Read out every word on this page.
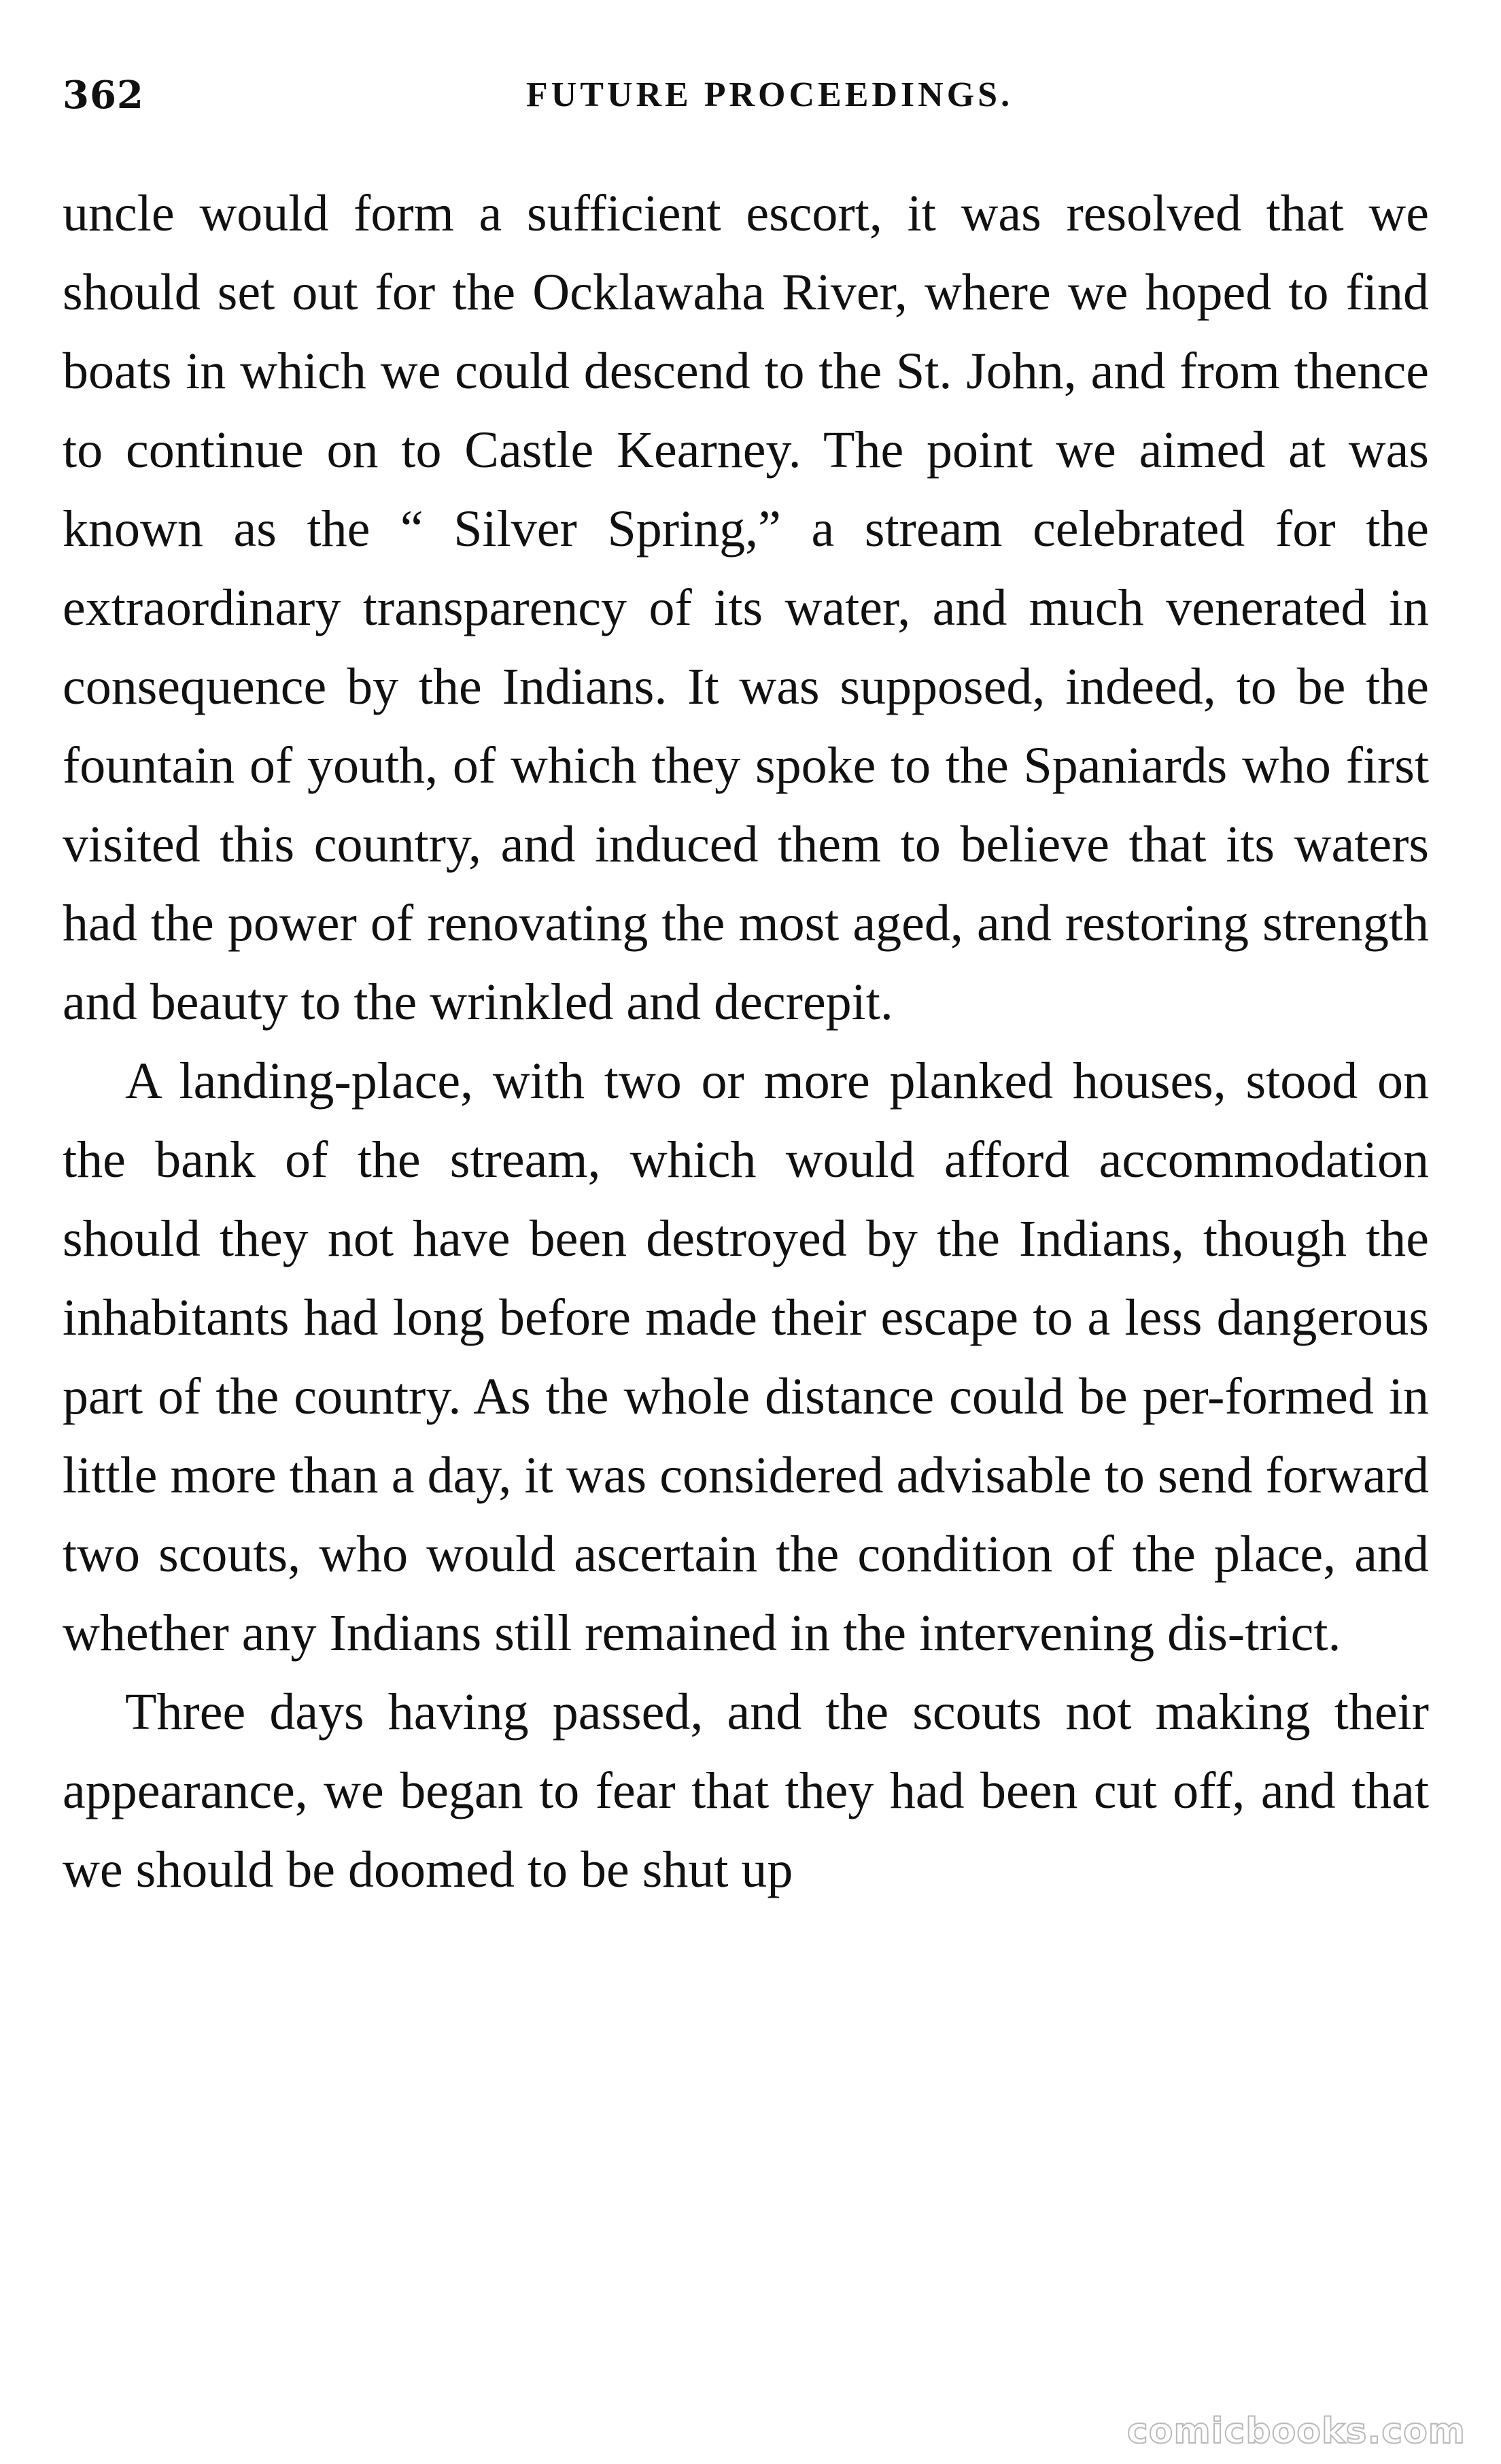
362	FUTURE PROCEEDINGS.

uncle would form a sufficient escort, it was resolved that we should set out for the Ocklawaha River, where we hoped to find boats in which we could descend to the St. John, and from thence to continue on to Castle Kearney. The point we aimed at was known as the “ Silver Spring,” a stream celebrated for the extraordinary transparency of its water, and much venerated in consequence by the Indians. It was supposed, indeed, to be the fountain of youth, of which they spoke to the Spaniards who first visited this country, and induced them to believe that its waters had the power of renovating the most aged, and restoring strength and beauty to the wrinkled and decrepit.

A landing-place, with two or more planked houses, stood on the bank of the stream, which would afford accommodation should they not have been destroyed by the Indians, though the inhabitants had long before made their escape to a less dangerous part of the country. As the whole distance could be per-formed in little more than a day, it was considered advisable to send forward two scouts, who would ascertain the condition of the place, and whether any Indians still remained in the intervening dis-trict.

Three days having passed, and the scouts not making their appearance, we began to fear that they had been cut off, and that we should be doomed to be shut up

comicbooks.com
